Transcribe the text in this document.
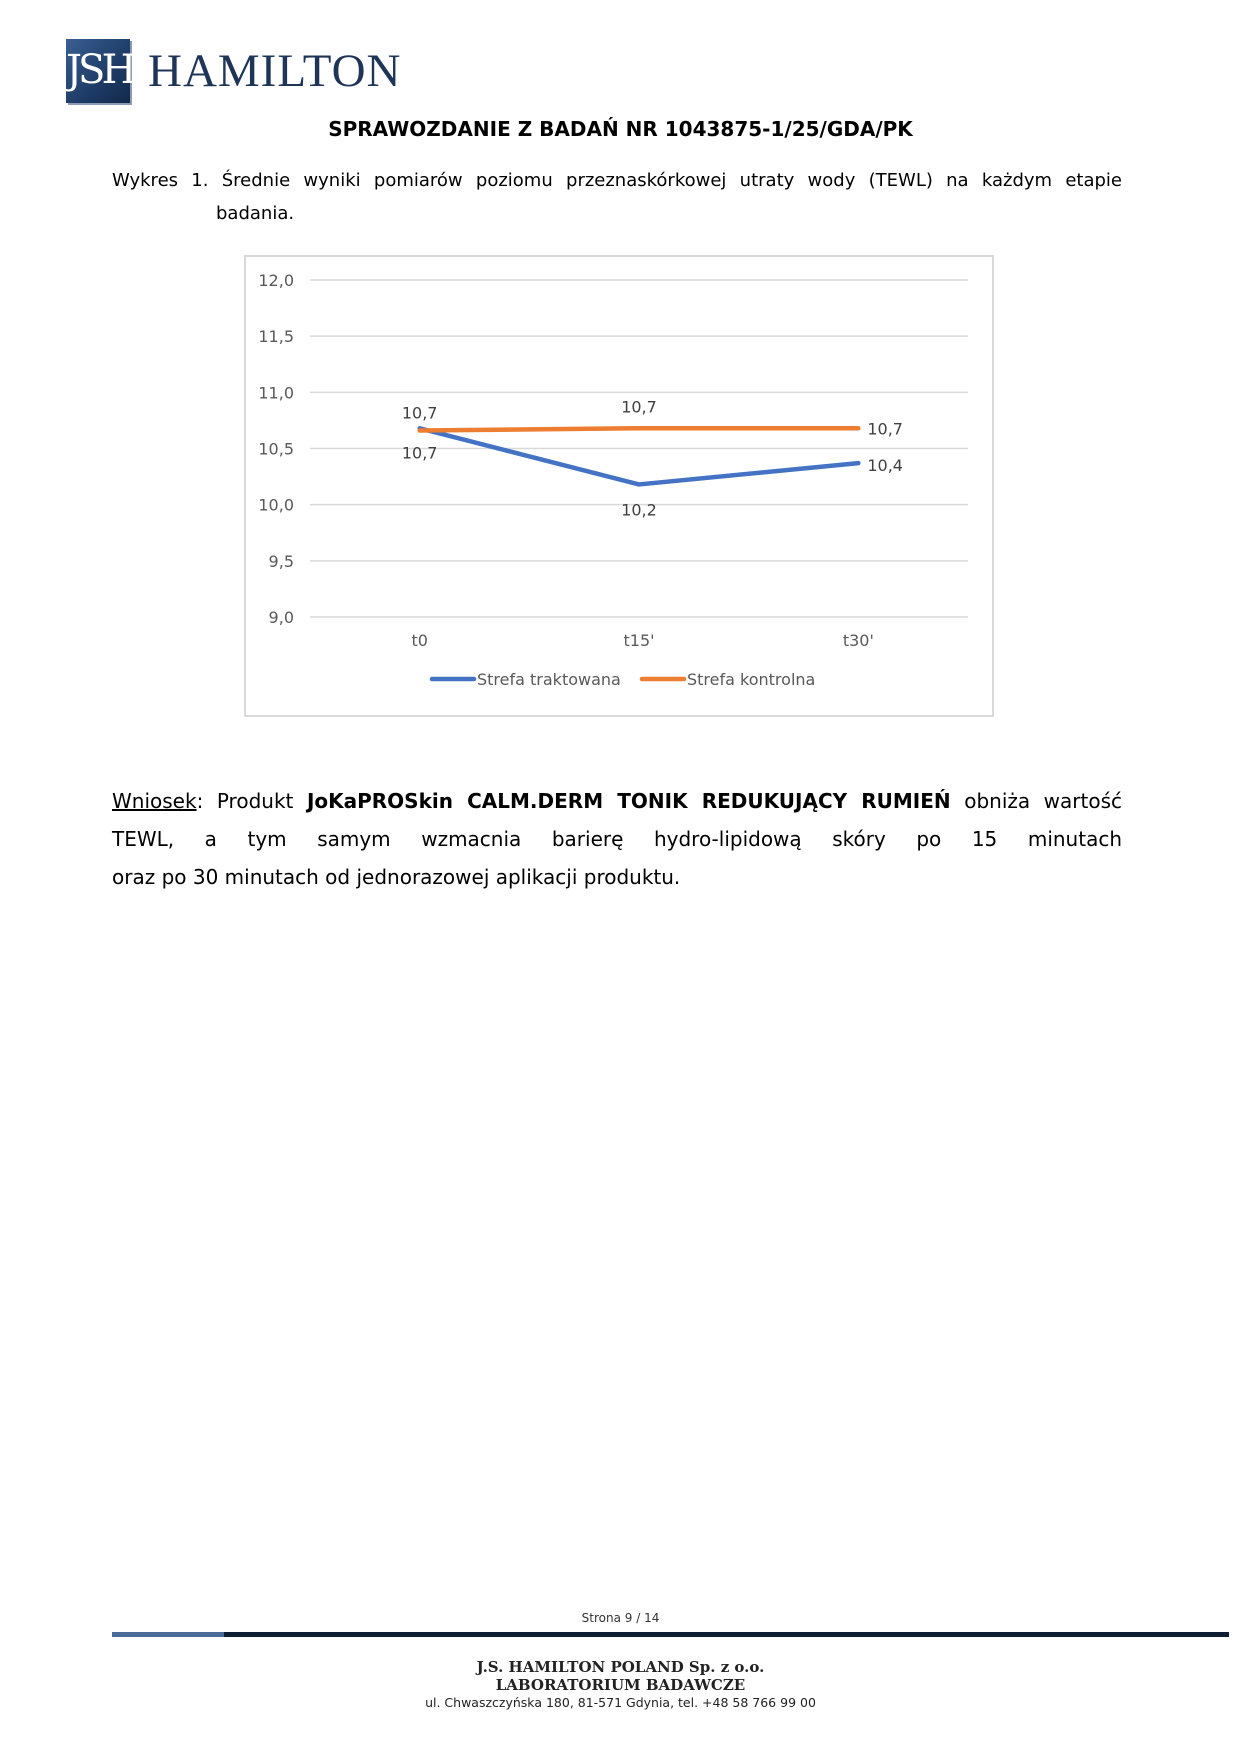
JSH HAMILTON
SPRAWOZDANIE Z BADAŃ NR 1043875-1/25/GDA/PK
Wykres 1. Średnie wyniki pomiarów poziomu przeznaskórkowej utraty wody (TEWL) na każdym etapie
badania.
9,0
9,5
10,0
10,5
11,0
11,5
12,0
t0	t15'	t30'
10,7
10,2
10,4
10,7	10,7
10,7
Strefa traktowana	Strefa kontrolna

Wniosek: Produkt JoKaPROSkin CALM.DERM TONIK REDUKUJĄCY RUMIEŃ obniża wartość

TEWL, a tym samym wzmacnia barierę hydro-lipidową skóry po 15 minutach

oraz po 30 minutach od jednorazowej aplikacji produktu.

Strona 9 / 14
J.S. HAMILTON POLAND Sp. z o.o.
LABORATORIUM BADAWCZE
ul. Chwaszczyńska 180, 81-571 Gdynia, tel. +48 58 766 99 00
